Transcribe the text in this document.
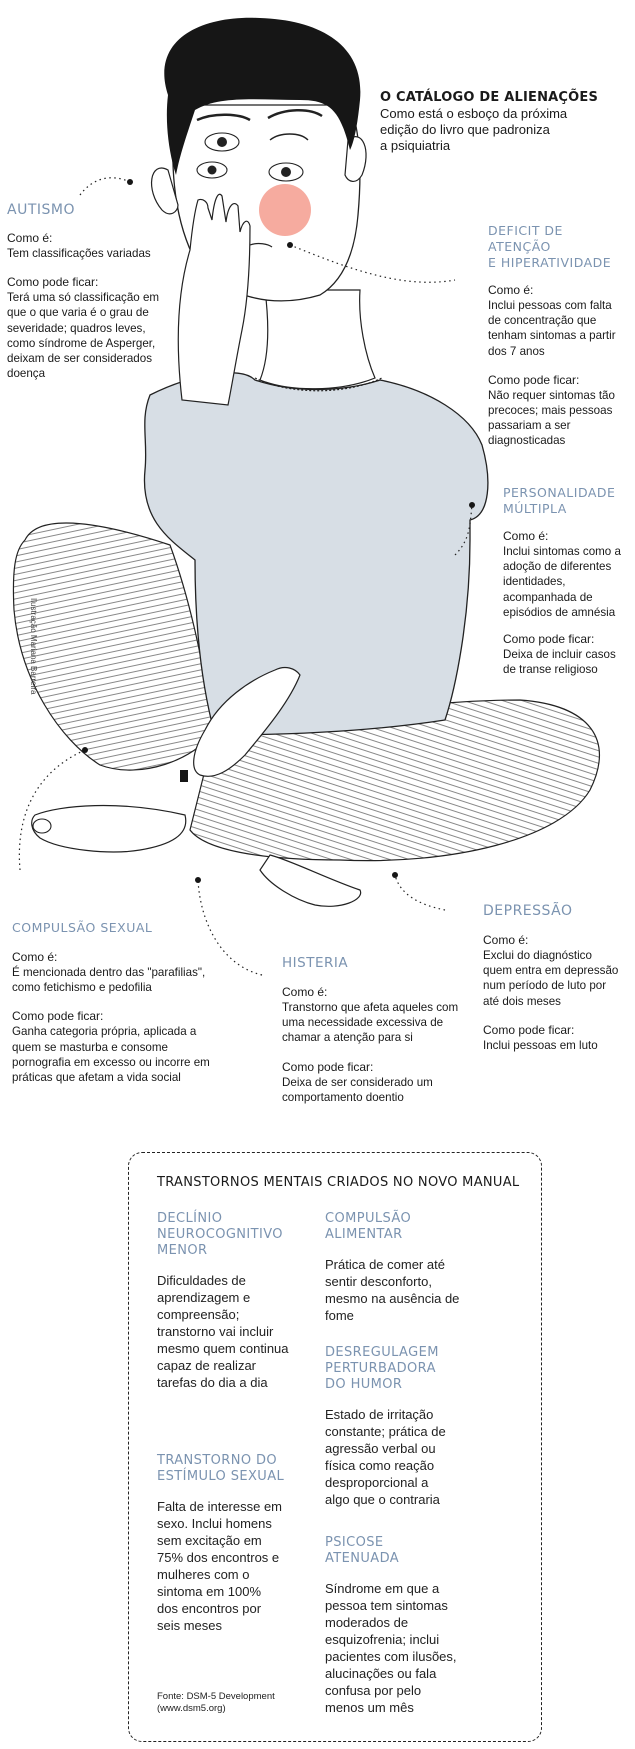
Ilustração Mariana Barreira
O CATÁLOGO DE ALIENAÇÕES
Como está o esboço da próxima
edição do livro que padroniza
a psiquiatria
AUTISMO
Como é:
Tem classificações variadas
Como pode ficar:
Terá uma só classificação em
que o que varia é o grau de
severidade; quadros leves,
como síndrome de Asperger,
deixam de ser considerados
doença
DEFICIT DE ATENÇÃO
E HIPERATIVIDADE
Como é:
Inclui pessoas com falta
de concentração que
tenham sintomas a partir
dos 7 anos
Como pode ficar:
Não requer sintomas tão
precoces; mais pessoas
passariam a ser
diagnosticadas
PERSONALIDADE
MÚLTIPLA
Como é:
Inclui sintomas como a
adoção de diferentes
identidades,
acompanhada de
episódios de amnésia
Como pode ficar:
Deixa de incluir casos
de transe religioso
COMPULSÃO SEXUAL
Como é:
É mencionada dentro das "parafilias",
como fetichismo e pedofilia
Como pode ficar:
Ganha categoria própria, aplicada a
quem se masturba e consome
pornografia em excesso ou incorre em
práticas que afetam a vida social
HISTERIA
Como é:
Transtorno que afeta aqueles com
uma necessidade excessiva de
chamar a atenção para si
Como pode ficar:
Deixa de ser considerado um
comportamento doentio
DEPRESSÃO
Como é:
Exclui do diagnóstico
quem entra em depressão
num período de luto por
até dois meses
Como pode ficar:
Inclui pessoas em luto
TRANSTORNOS MENTAIS CRIADOS NO NOVO MANUAL
DECLÍNIO
NEUROCOGNITIVO
MENOR
Dificuldades de
aprendizagem e
compreensão;
transtorno vai incluir
mesmo quem continua
capaz de realizar
tarefas do dia a dia
TRANSTORNO DO
ESTÍMULO SEXUAL
Falta de interesse em
sexo. Inclui homens
sem excitação em
75% dos encontros e
mulheres com o
sintoma em 100%
dos encontros por
seis meses
Fonte: DSM-5 Development
(www.dsm5.org)
COMPULSÃO
ALIMENTAR
Prática de comer até
sentir desconforto,
mesmo na ausência de
fome
DESREGULAGEM
PERTURBADORA
DO HUMOR
Estado de irritação
constante; prática de
agressão verbal ou
física como reação
desproporcional a
algo que o contraria
PSICOSE
ATENUADA
Síndrome em que a
pessoa tem sintomas
moderados de
esquizofrenia; inclui
pacientes com ilusões,
alucinações ou fala
confusa por pelo
menos um mês
